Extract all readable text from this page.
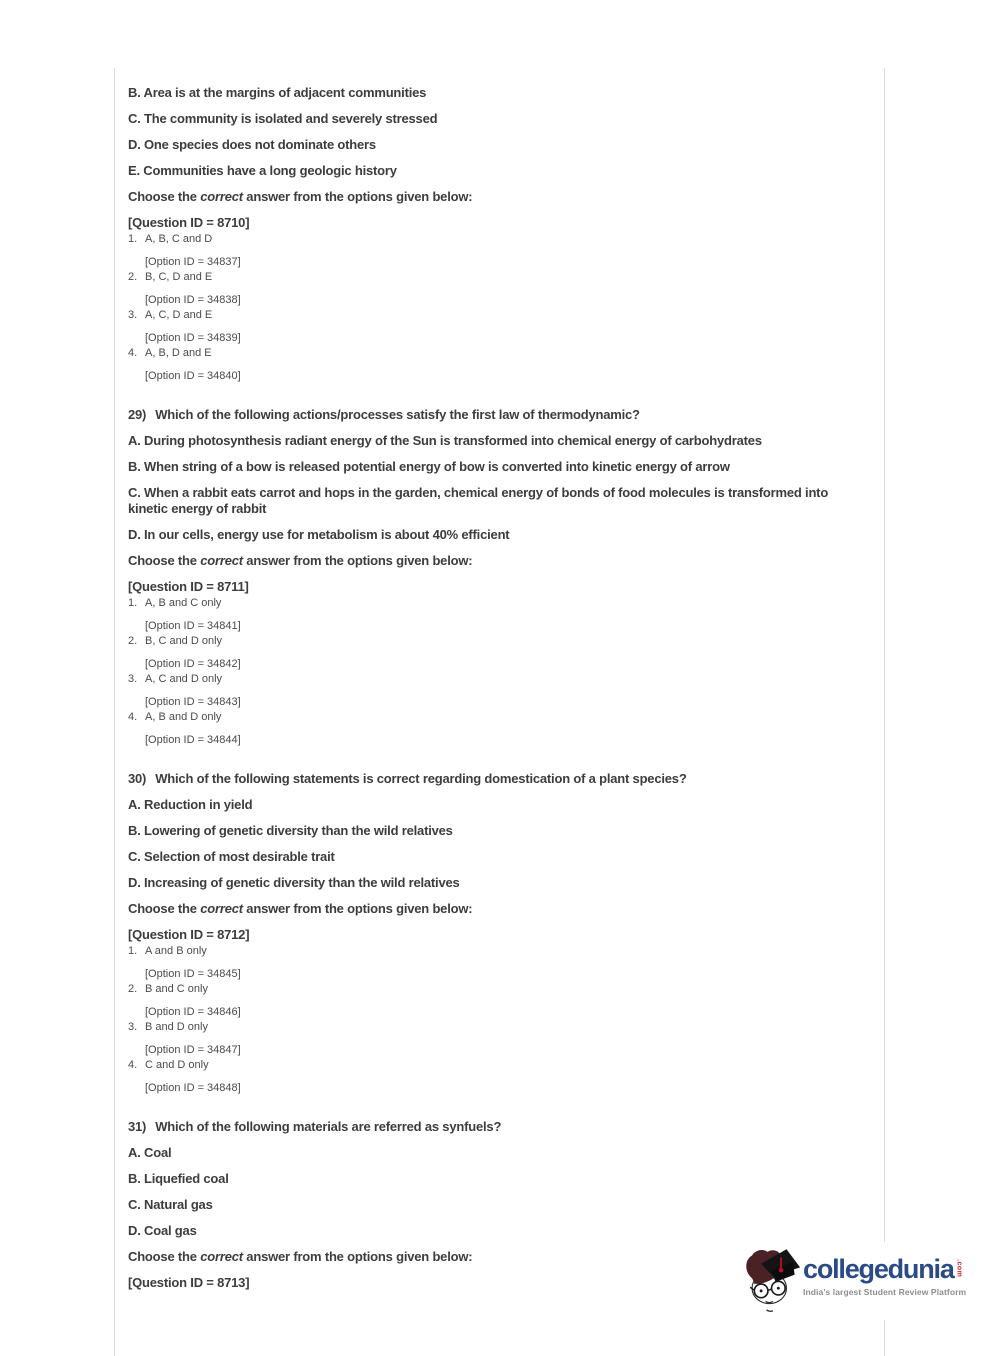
B. Area is at the margins of adjacent communities
C. The community is isolated and severely stressed
D. One species does not dominate others
E. Communities have a long geologic history
Choose the correct answer from the options given below:
[Question ID = 8710]
1. A, B, C and D
[Option ID = 34837]
2. B, C, D and E
[Option ID = 34838]
3. A, C, D and E
[Option ID = 34839]
4. A, B, D and E
[Option ID = 34840]
29) Which of the following actions/processes satisfy the first law of thermodynamic?
A. During photosynthesis radiant energy of the Sun is transformed into chemical energy of carbohydrates
B. When string of a bow is released potential energy of bow is converted into kinetic energy of arrow
C. When a rabbit eats carrot and hops in the garden, chemical energy of bonds of food molecules is transformed into kinetic energy of rabbit
D. In our cells, energy use for metabolism is about 40% efficient
Choose the correct answer from the options given below:
[Question ID = 8711]
1. A, B and C only
[Option ID = 34841]
2. B, C and D only
[Option ID = 34842]
3. A, C and D only
[Option ID = 34843]
4. A, B and D only
[Option ID = 34844]
30) Which of the following statements is correct regarding domestication of a plant species?
A. Reduction in yield
B. Lowering of genetic diversity than the wild relatives
C. Selection of most desirable trait
D. Increasing of genetic diversity than the wild relatives
Choose the correct answer from the options given below:
[Question ID = 8712]
1. A and B only
[Option ID = 34845]
2. B and C only
[Option ID = 34846]
3. B and D only
[Option ID = 34847]
4. C and D only
[Option ID = 34848]
31) Which of the following materials are referred as synfuels?
A. Coal
B. Liquefied coal
C. Natural gas
D. Coal gas
Choose the correct answer from the options given below:
[Question ID = 8713]	collegedunia .com
India's largest Student Review Platform
